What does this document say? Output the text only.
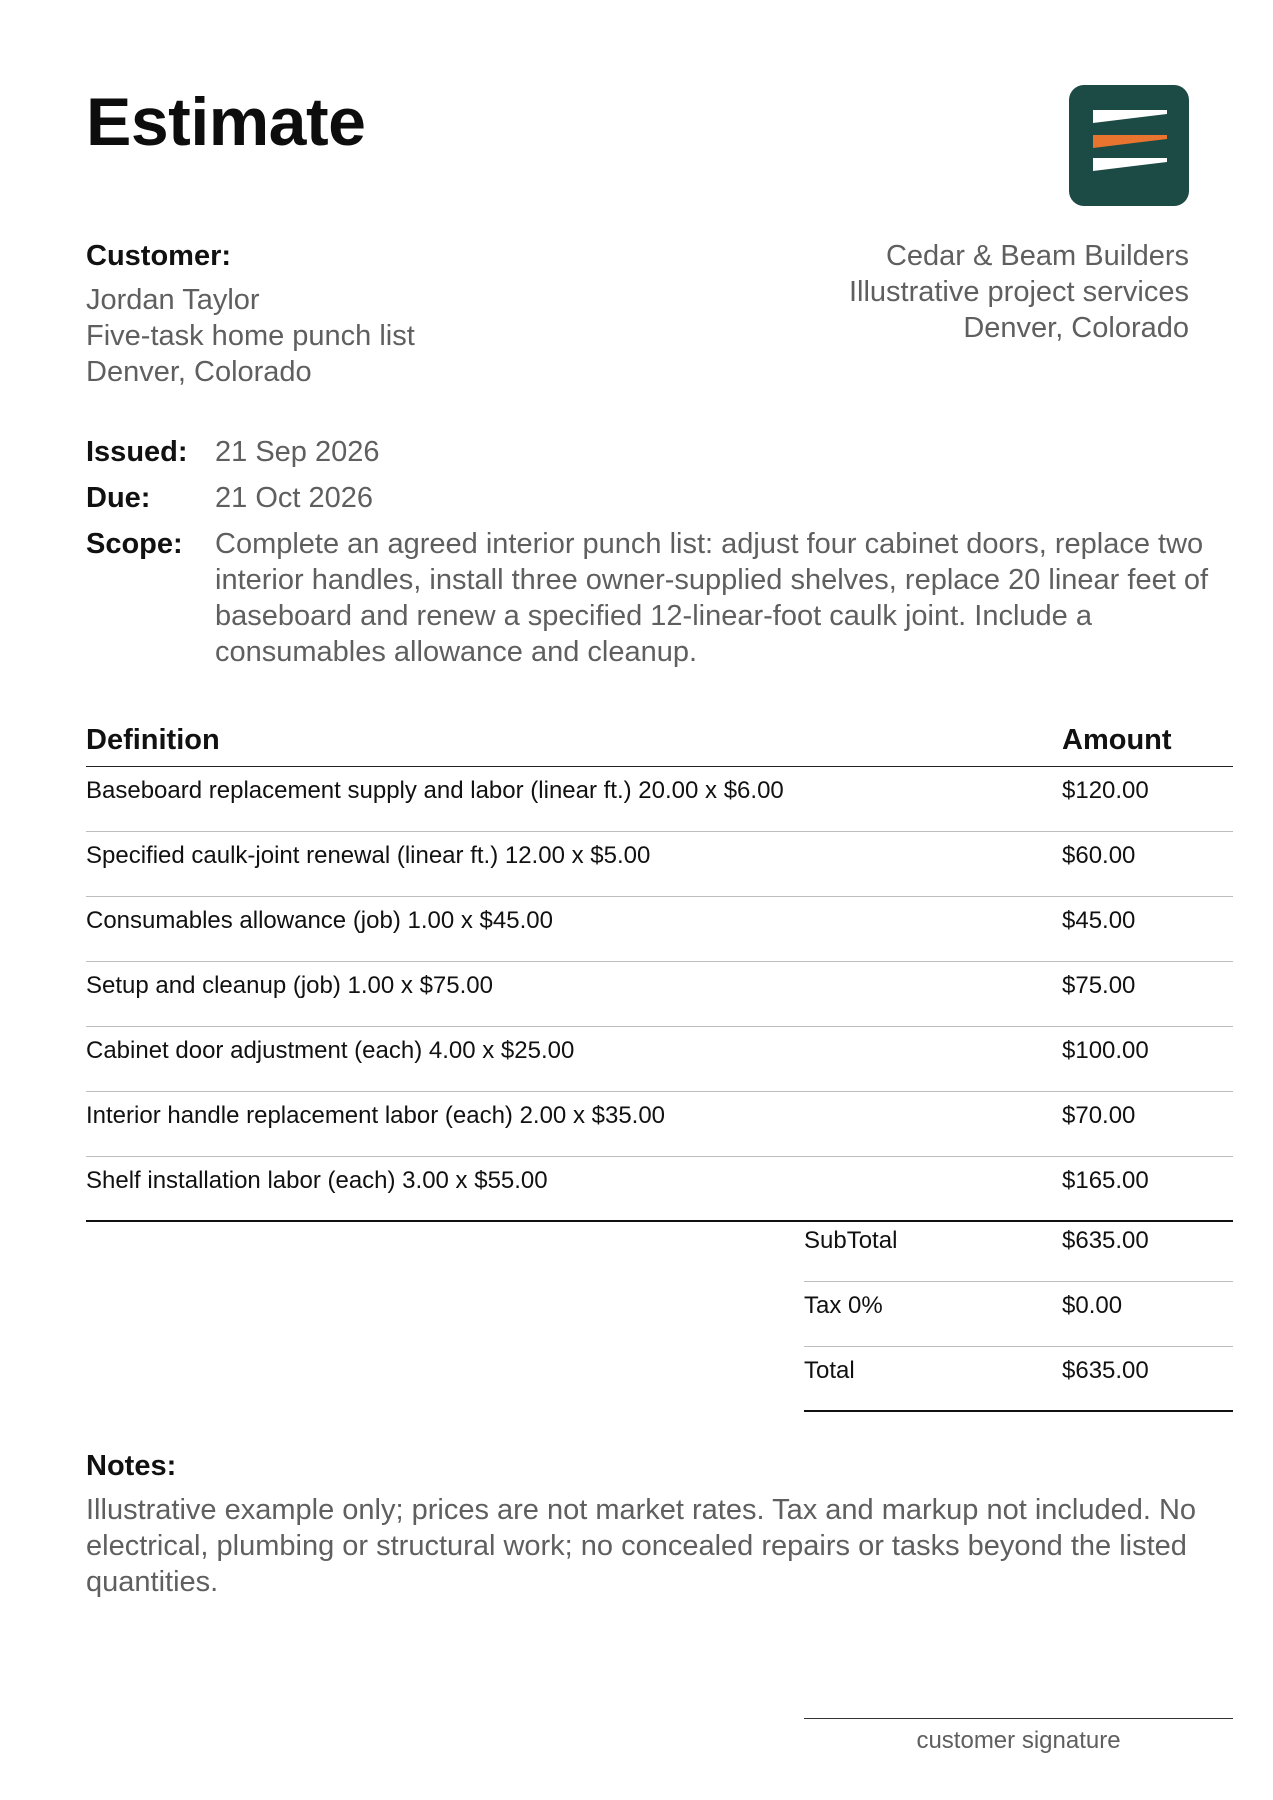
Estimate
Customer:
Jordan Taylor
Five-task home punch list
Denver, Colorado
Cedar & Beam Builders
Illustrative project services
Denver, Colorado
Issued: 21 Sep 2026
Due: 21 Oct 2026
Scope: Complete an agreed interior punch list: adjust four cabinet doors, replace two interior handles, install three owner-supplied shelves, replace 20 linear feet of baseboard and renew a specified 12-linear-foot caulk joint. Include a consumables allowance and cleanup.
Definition	Amount
Baseboard replacement supply and labor (linear ft.) 20.00 x $6.00	$120.00
Specified caulk-joint renewal (linear ft.) 12.00 x $5.00	$60.00
Consumables allowance (job) 1.00 x $45.00	$45.00
Setup and cleanup (job) 1.00 x $75.00	$75.00
Cabinet door adjustment (each) 4.00 x $25.00	$100.00
Interior handle replacement labor (each) 2.00 x $35.00	$70.00
Shelf installation labor (each) 3.00 x $55.00	$165.00
SubTotal	$635.00
Tax 0%	$0.00
Total	$635.00
Notes:
Illustrative example only; prices are not market rates. Tax and markup not included. No electrical, plumbing or structural work; no concealed repairs or tasks beyond the listed quantities.
customer signature
